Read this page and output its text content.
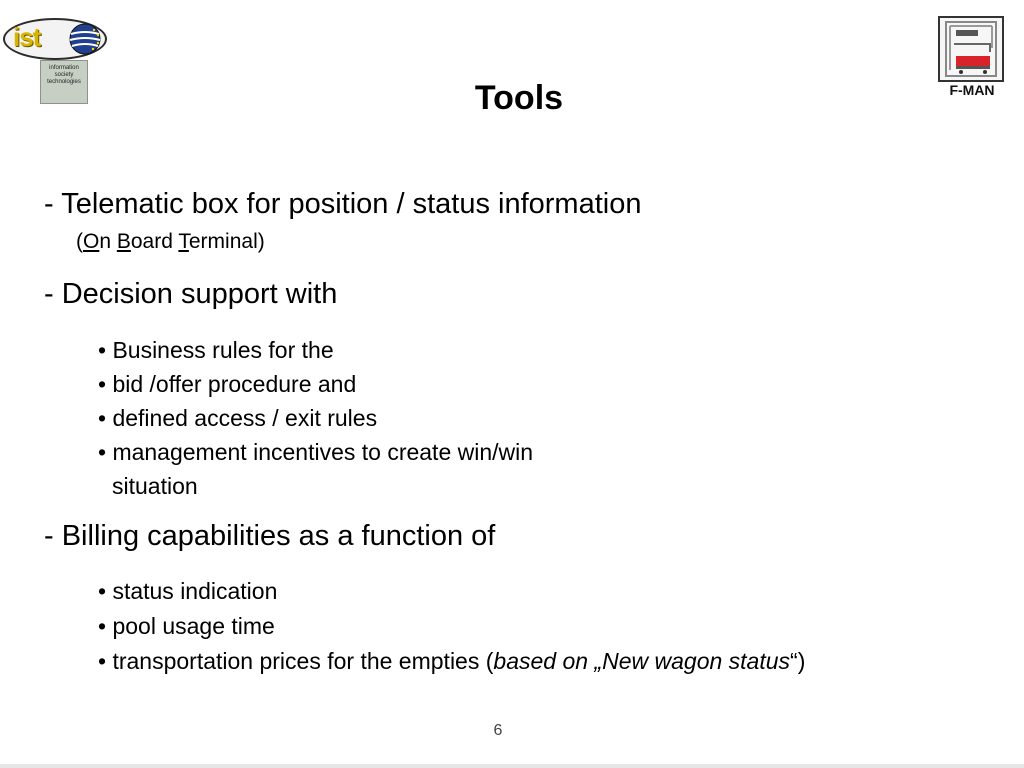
ist
information
society
technologies	F-MAN
Tools
- Telematic box for position / status information
(On Board Terminal)
- Decision support with
• Business rules for the
• bid /offer procedure and
• defined access / exit rules
• management incentives to create win/win
situation
- Billing capabilities as a function of
• status indication
• pool usage time
• transportation prices for the empties (based on „New wagon status“)
6
